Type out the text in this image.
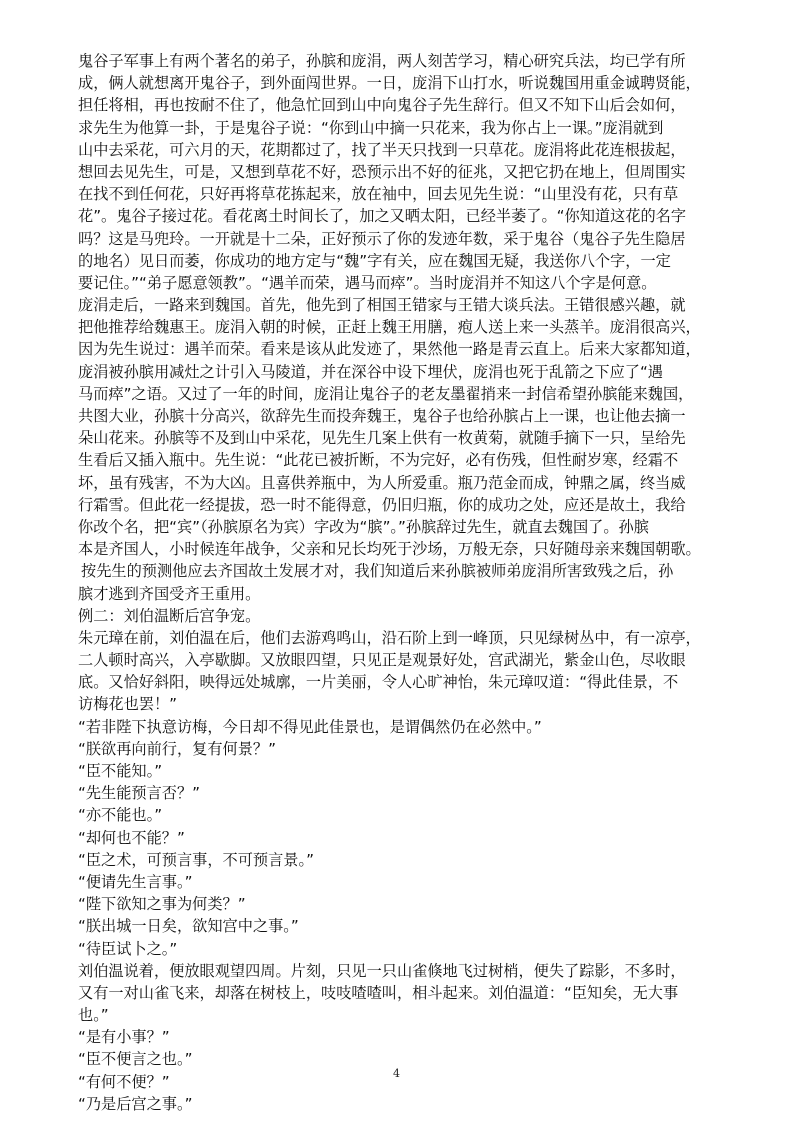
鬼谷子军事上有两个著名的弟子，孙膑和庞涓，两人刻苦学习，精心研究兵法，均已学有所
成，俩人就想离开鬼谷子，到外面闯世界。一日，庞涓下山打水，听说魏国用重金诚聘贤能，
担任将相，再也按耐不住了，他急忙回到山中向鬼谷子先生辞行。但又不知下山后会如何，
求先生为他算一卦，于是鬼谷子说：“你到山中摘一只花来，我为你占上一课。”庞涓就到
山中去采花，可六月的天，花期都过了，找了半天只找到一只草花。庞涓将此花连根拔起，
想回去见先生，可是，又想到草花不好，恐预示出不好的征兆，又把它扔在地上，但周围实
在找不到任何花，只好再将草花拣起来，放在袖中，回去见先生说：“山里没有花，只有草
花”。鬼谷子接过花。看花离土时间长了，加之又晒太阳，已经半萎了。“你知道这花的名字
吗？这是马兜玲。一开就是十二朵，正好预示了你的发迹年数，采于鬼谷（鬼谷子先生隐居
的地名）见日而萎，你成功的地方定与“魏”字有关，应在魏国无疑，我送你八个字，一定
要记住。”“弟子愿意领教”。“遇羊而荣，遇马而瘁”。当时庞涓并不知这八个字是何意。
庞涓走后，一路来到魏国。首先，他先到了相国王错家与王错大谈兵法。王错很感兴趣，就
把他推荐给魏惠王。庞涓入朝的时候，正赶上魏王用膳，疱人送上来一头蒸羊。庞涓很高兴，
因为先生说过：遇羊而荣。看来是该从此发迹了，果然他一路是青云直上。后来大家都知道，
庞涓被孙膑用减灶之计引入马陵道，并在深谷中设下埋伏，庞涓也死于乱箭之下应了“遇
马而瘁”之语。又过了一年的时间，庞涓让鬼谷子的老友墨翟捎来一封信希望孙膑能来魏国，
共图大业，孙膑十分高兴，欲辞先生而投奔魏王，鬼谷子也给孙膑占上一课，也让他去摘一
朵山花来。孙膑等不及到山中采花，见先生几案上供有一枚黄菊，就随手摘下一只，呈给先
生看后又插入瓶中。先生说：“此花已被折断，不为完好，必有伤残，但性耐岁寒，经霜不
坏，虽有残害，不为大凶。且喜供养瓶中，为人所爱重。瓶乃范金而成，钟鼎之属，终当威
行霜雪。但此花一经提拔，恐一时不能得意，仍旧归瓶，你的成功之处，应还是故土，我给
你改个名，把“宾”（孙膑原名为宾）字改为“膑”。”孙膑辞过先生，就直去魏国了。孙膑
本是齐国人，小时候连年战争，父亲和兄长均死于沙场，万般无奈，只好随母亲来魏国朝歌。
按先生的预测他应去齐国故土发展才对，我们知道后来孙膑被师弟庞涓所害致残之后，孙
膑才逃到齐国受齐王重用。
例二：刘伯温断后宫争宠。
朱元璋在前，刘伯温在后，他们去游鸡鸣山，沿石阶上到一峰顶，只见绿树丛中，有一凉亭，
二人顿时高兴，入亭歇脚。又放眼四望，只见正是观景好处，宫武湖光，紫金山色，尽收眼
底。又恰好斜阳，映得远处城廓，一片美丽，令人心旷神怡，朱元璋叹道：“得此佳景，不
访梅花也罢！”
“若非陛下执意访梅，今日却不得见此佳景也，是谓偶然仍在必然中。”
“朕欲再向前行，复有何景？”
“臣不能知。”
“先生能预言否？”
“亦不能也。”
“却何也不能？”
“臣之术，可预言事，不可预言景。”
“便请先生言事。”
“陛下欲知之事为何类？”
“朕出城一日矣，欲知宫中之事。”
“待臣试卜之。”
刘伯温说着，便放眼观望四周。片刻，只见一只山雀倏地飞过树梢，便失了踪影，不多时，
又有一对山雀飞来，却落在树枝上，吱吱喳喳叫，相斗起来。刘伯温道：“臣知矣，无大事
也。”
“是有小事？”
“臣不便言之也。”
“有何不便？”
“乃是后宫之事。”
4
